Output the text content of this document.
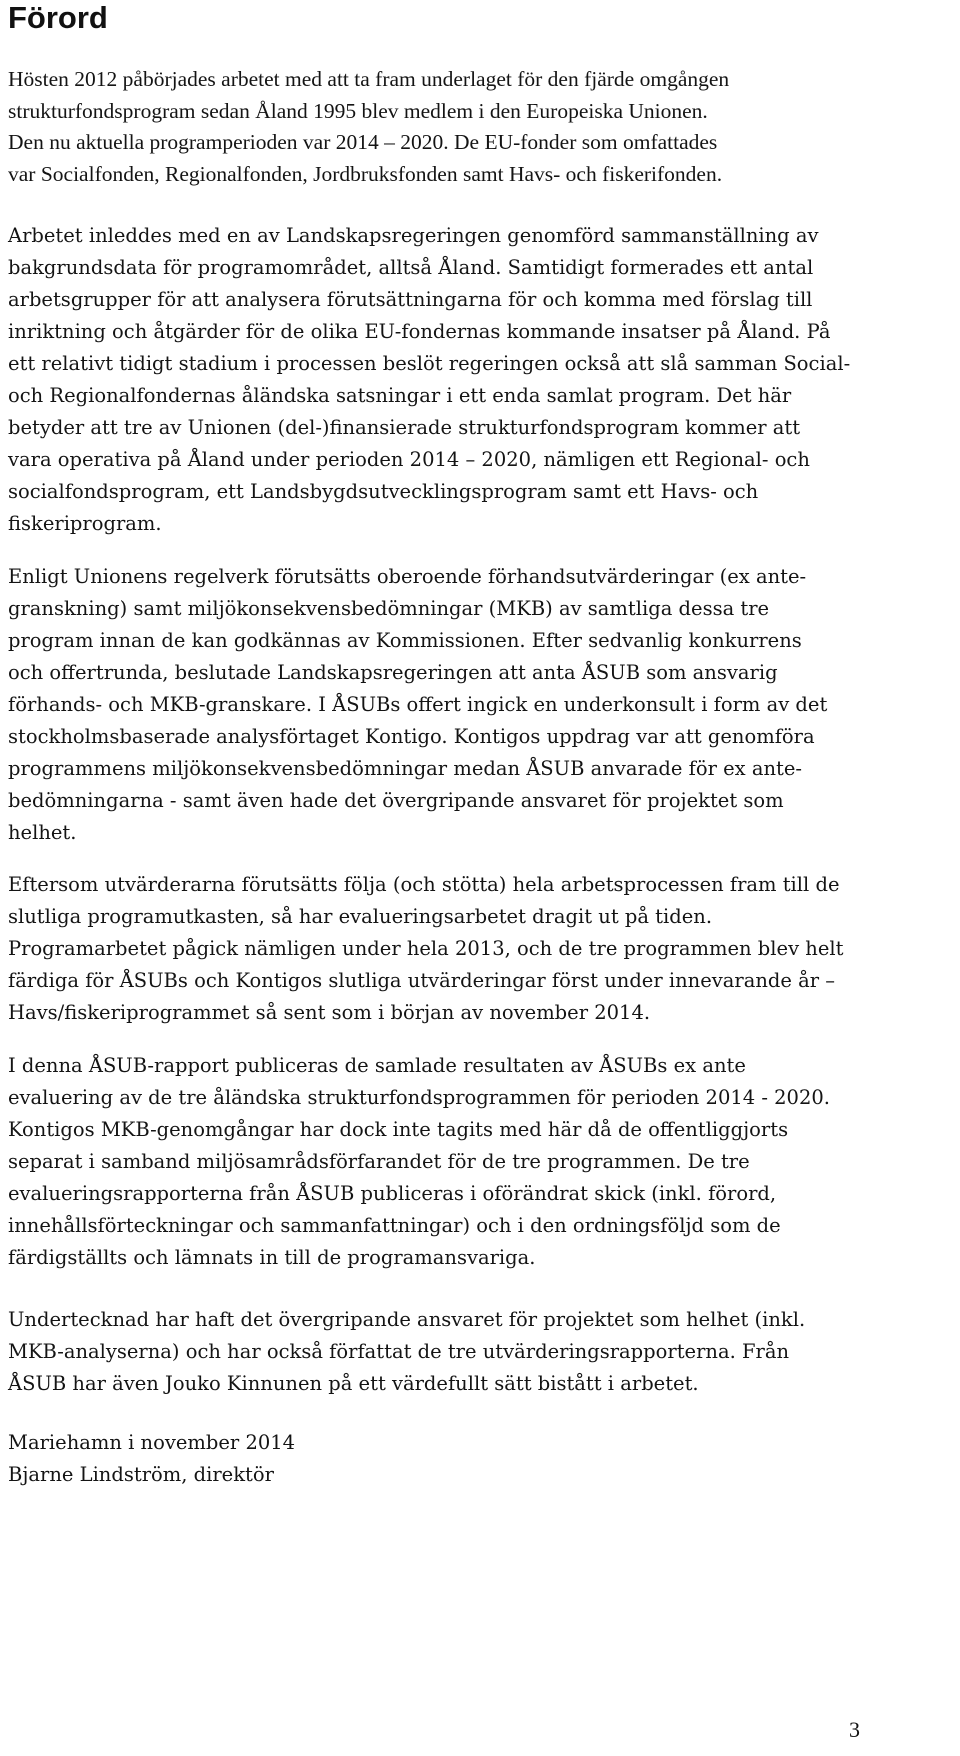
Förord
Hösten 2012 påbörjades arbetet med att ta fram underlaget för den fjärde omgången
strukturfondsprogram sedan Åland 1995 blev medlem i den Europeiska Unionen.
Den nu aktuella programperioden var 2014 – 2020. De EU-fonder som omfattades
var Socialfonden, Regionalfonden, Jordbruksfonden samt Havs- och fiskerifonden.
Arbetet inleddes med en av Landskapsregeringen genomförd sammanställning av
bakgrundsdata för programområdet, alltså Åland. Samtidigt formerades ett antal
arbetsgrupper för att analysera förutsättningarna för och komma med förslag till
inriktning och åtgärder för de olika EU-fondernas kommande insatser på Åland. På
ett relativt tidigt stadium i processen beslöt regeringen också att slå samman Social-
och Regionalfondernas åländska satsningar i ett enda samlat program. Det här
betyder att tre av Unionen (del-)finansierade strukturfondsprogram kommer att
vara operativa på Åland under perioden 2014 – 2020, nämligen ett Regional- och
socialfondsprogram, ett Landsbygdsutvecklingsprogram samt ett Havs- och
fiskeriprogram.
Enligt Unionens regelverk förutsätts oberoende förhandsutvärderingar (ex ante-
granskning) samt miljökonsekvensbedömningar (MKB) av samtliga dessa tre
program innan de kan godkännas av Kommissionen. Efter sedvanlig konkurrens
och offertrunda, beslutade Landskapsregeringen att anta ÅSUB som ansvarig
förhands- och MKB-granskare. I ÅSUBs offert ingick en underkonsult i form av det
stockholmsbaserade analysförtaget Kontigo. Kontigos uppdrag var att genomföra
programmens miljökonsekvensbedömningar medan ÅSUB anvarade för ex ante-
bedömningarna - samt även hade det övergripande ansvaret för projektet som
helhet.
Eftersom utvärderarna förutsätts följa (och stötta) hela arbetsprocessen fram till de
slutliga programutkasten, så har evalueringsarbetet dragit ut på tiden.
Programarbetet pågick nämligen under hela 2013, och de tre programmen blev helt
färdiga för ÅSUBs och Kontigos slutliga utvärderingar först under innevarande år –
Havs/fiskeriprogrammet så sent som i början av november 2014.
I denna ÅSUB-rapport publiceras de samlade resultaten av ÅSUBs ex ante
evaluering av de tre åländska strukturfondsprogrammen för perioden 2014 - 2020.
Kontigos MKB-genomgångar har dock inte tagits med här då de offentliggjorts
separat i samband miljösamrådsförfarandet för de tre programmen. De tre
evalueringsrapporterna från ÅSUB publiceras i oförändrat skick (inkl. förord,
innehållsförteckningar och sammanfattningar) och i den ordningsföljd som de
färdigställts och lämnats in till de programansvariga.
Undertecknad har haft det övergripande ansvaret för projektet som helhet (inkl.
MKB-analyserna) och har också författat de tre utvärderingsrapporterna. Från
ÅSUB har även Jouko Kinnunen på ett värdefullt sätt bistått i arbetet.
Mariehamn i november 2014
Bjarne Lindström, direktör
3
